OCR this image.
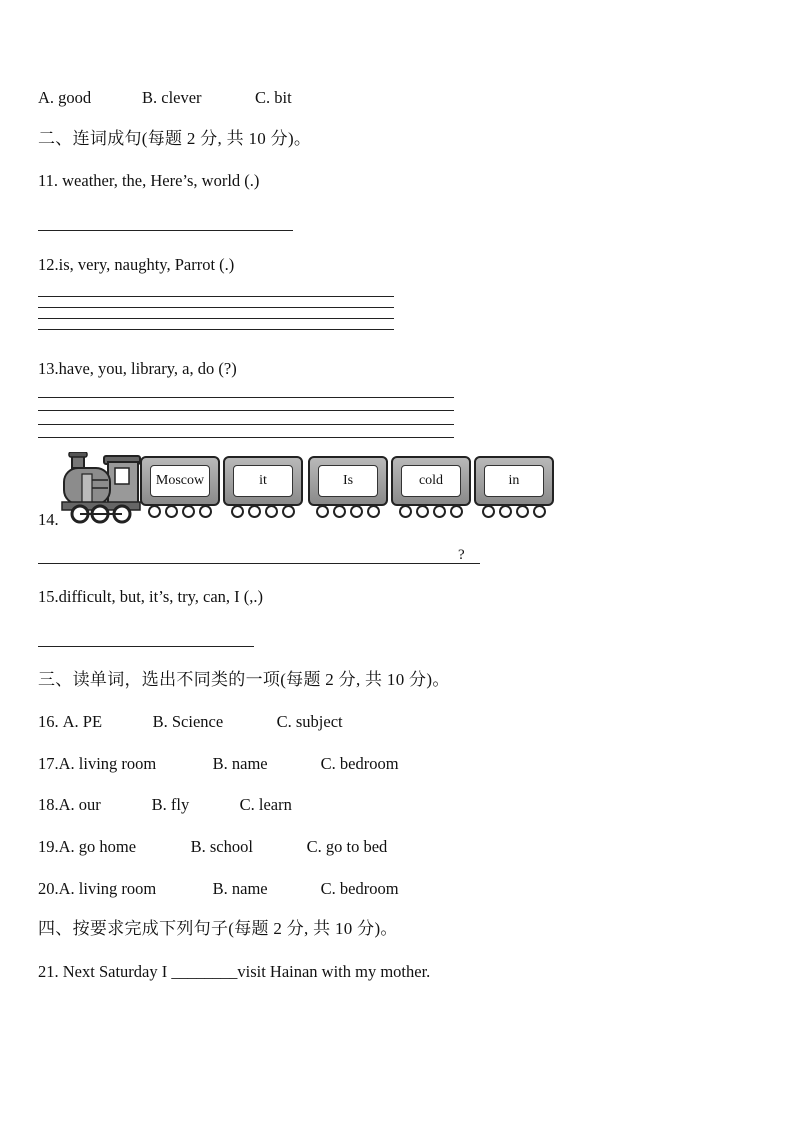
A. good	B. clever	C. bit
二、连词成句(每题 2 分, 共 10 分)。
11. weather, the, Here’s, world (.)
12.is, very, naughty, Parrot (.)
13.have, you, library, a, do (?)
14.
Moscow	it	Is	cold	in
?
15.difficult, but, it’s, try, can, I (,.)
三、读单词，选出不同类的一项(每题 2 分, 共 10 分)。
16. A. PE	B. Science	C. subject
17.A. living room	B. name	C. bedroom
18.A. our	B. fly	C. learn
19.A. go home	B. school	C. go to bed
20.A. living room	B. name	C. bedroom
四、按要求完成下列句子(每题 2 分, 共 10 分)。
21. Next Saturday I ________visit Hainan with my mother.
